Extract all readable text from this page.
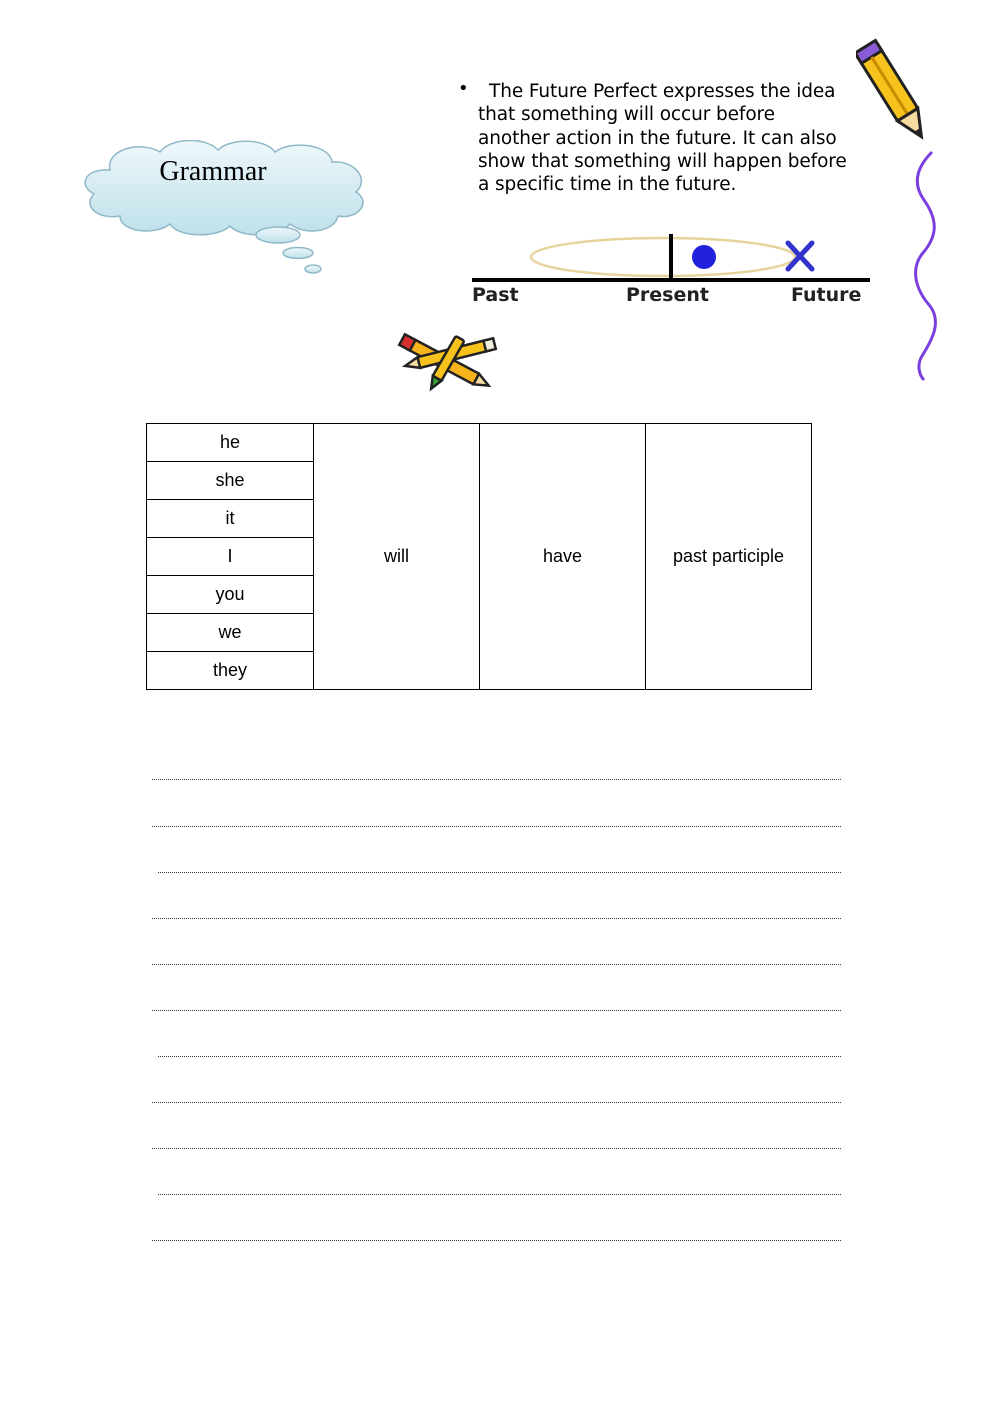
Grammar
•	The Future Perfect expresses the idea
that something will occur before
another action in the future. It can also
show that something will happen before
a specific time in the future.
Past	Present	Future
he	will	have	past participle
she
it
I
you
we
they
